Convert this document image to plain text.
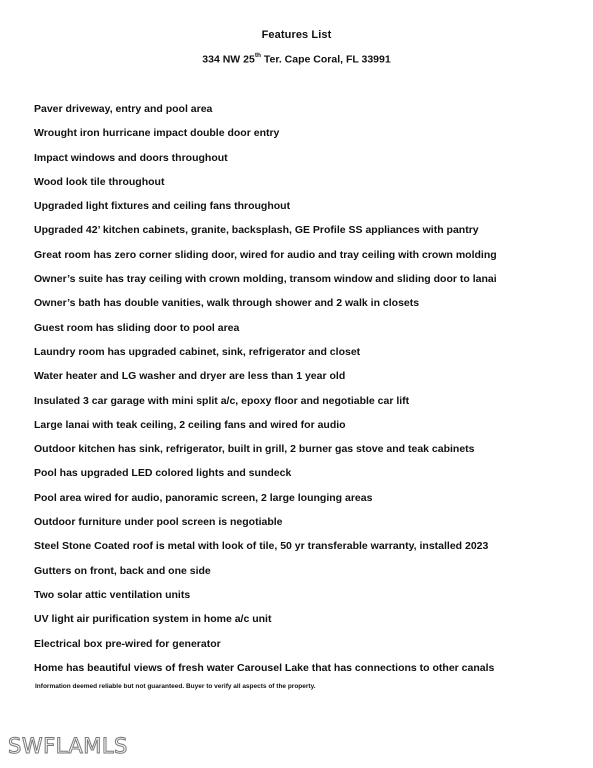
Features List
334 NW 25th Ter. Cape Coral, FL 33991
Paver driveway, entry and pool area
Wrought iron hurricane impact double door entry
Impact windows and doors throughout
Wood look tile throughout
Upgraded light fixtures and ceiling fans throughout
Upgraded 42’ kitchen cabinets, granite, backsplash, GE Profile SS appliances with pantry
Great room has zero corner sliding door, wired for audio and tray ceiling with crown molding
Owner’s suite has tray ceiling with crown molding, transom window and sliding door to lanai
Owner’s bath has double vanities, walk through shower and 2 walk in closets
Guest room has sliding door to pool area
Laundry room has upgraded cabinet, sink, refrigerator and closet
Water heater and LG washer and dryer are less than 1 year old
Insulated 3 car garage with mini split a/c, epoxy floor and negotiable car lift
Large lanai with teak ceiling, 2 ceiling fans and wired for audio
Outdoor kitchen has sink, refrigerator, built in grill, 2 burner gas stove and teak cabinets
Pool has upgraded LED colored lights and sundeck
Pool area wired for audio, panoramic screen, 2 large lounging areas
Outdoor furniture under pool screen is negotiable
Steel Stone Coated roof is metal with look of tile, 50 yr transferable warranty, installed 2023
Gutters on front, back and one side
Two solar attic ventilation units
UV light air purification system in home a/c unit
Electrical box pre-wired for generator
Home has beautiful views of fresh water Carousel Lake that has connections to other canals
Information deemed reliable but not guaranteed. Buyer to verify all aspects of the property.
SWFLAMLS
